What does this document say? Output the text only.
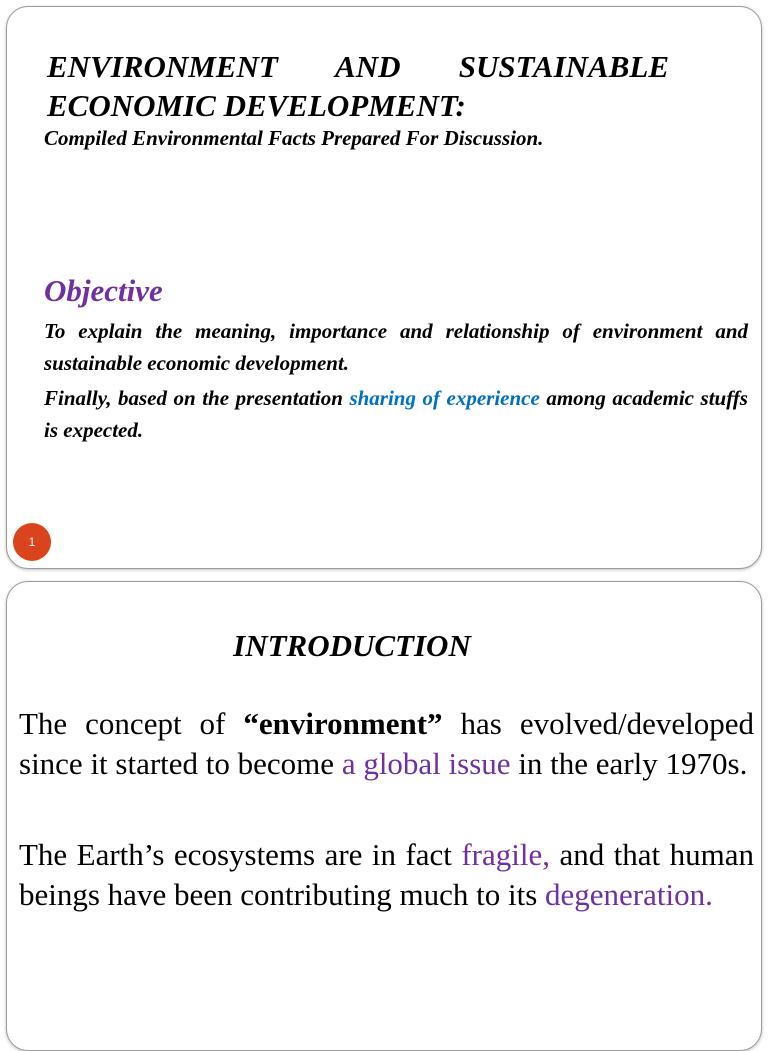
ENVIRONMENT AND SUSTAINABLE
ECONOMIC DEVELOPMENT:

Compiled Environmental Facts Prepared For Discussion.

Objective

To explain the meaning, importance and relationship of environment and sustainable economic development.

Finally, based on the presentation sharing of experience among academic stuffs is expected.

1
INTRODUCTION

The concept of “environment” has evolved/developed since it started to become a global issue in the early 1970s.

The Earth’s ecosystems are in fact fragile, and that human beings have been contributing much to its degeneration.
